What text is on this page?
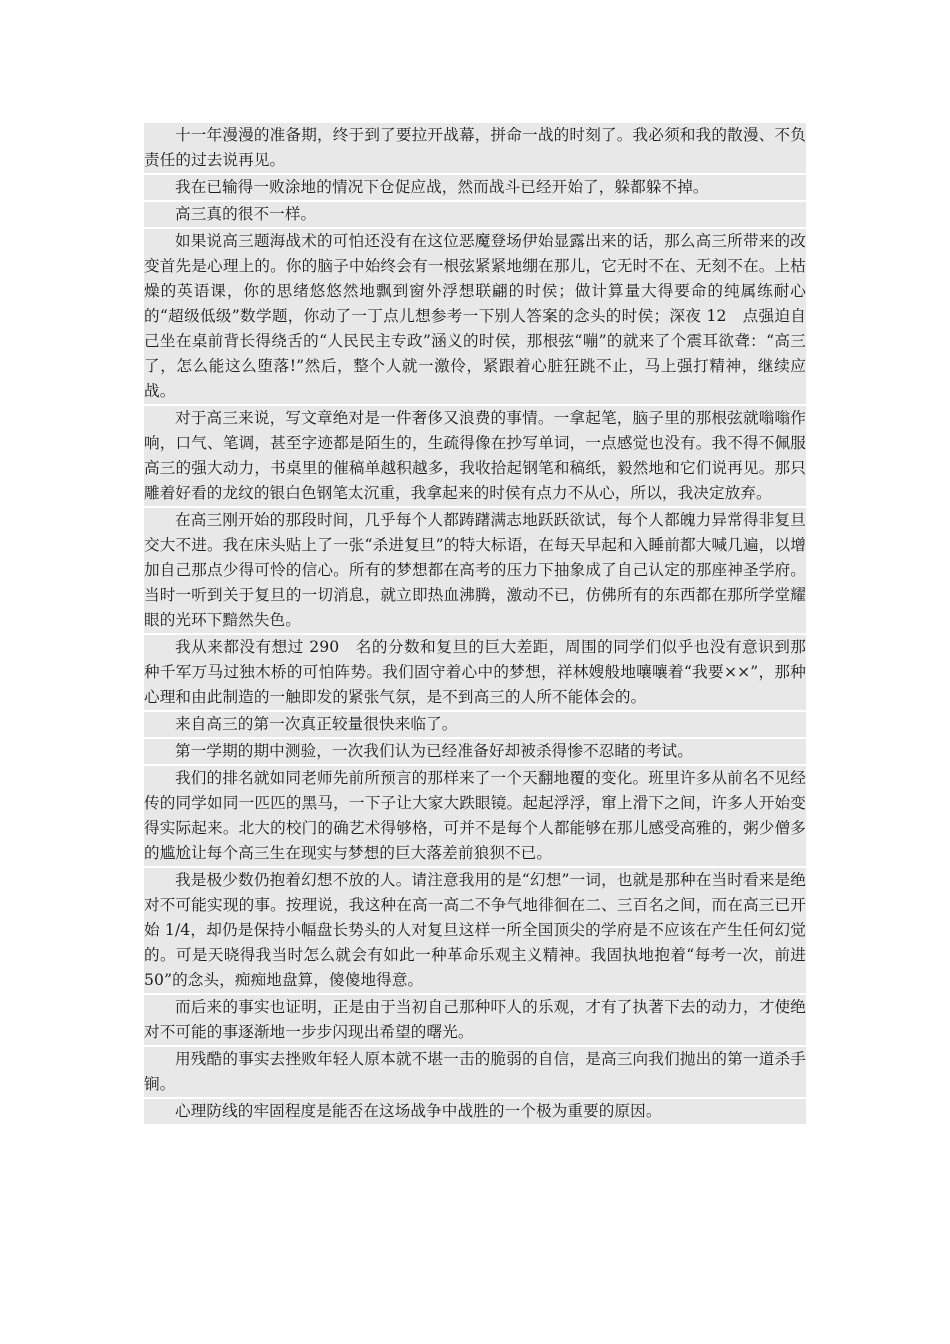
十一年漫漫的准备期，终于到了要拉开战幕，拼命一战的时刻了。我必须和我的散漫、不负责任的过去说再见。

我在已输得一败涂地的情况下仓促应战，然而战斗已经开始了，躲都躲不掉。

高三真的很不一样。

如果说高三题海战术的可怕还没有在这位恶魔登场伊始显露出来的话，那么高三所带来的改变首先是心理上的。你的脑子中始终会有一根弦紧紧地绷在那儿，它无时不在、无刻不在。上枯燥的英语课，你的思绪悠悠然地飘到窗外浮想联翩的时侯；做计算量大得要命的纯属练耐心的“超级低级”数学题，你动了一丁点儿想参考一下别人答案的念头的时侯；深夜 12　点强迫自己坐在桌前背长得绕舌的“人民民主专政”涵义的时侯，那根弦“嘣”的就来了个震耳欲聋：“高三了，怎么能这么堕落!”然后，整个人就一激伶，紧跟着心脏狂跳不止，马上强打精神，继续应战。

对于高三来说，写文章绝对是一件奢侈又浪费的事情。一拿起笔，脑子里的那根弦就嗡嗡作响，口气、笔调，甚至字迹都是陌生的，生疏得像在抄写单词，一点感觉也没有。我不得不佩服高三的强大动力，书桌里的催稿单越积越多，我收拾起钢笔和稿纸，毅然地和它们说再见。那只雕着好看的龙纹的银白色钢笔太沉重，我拿起来的时侯有点力不从心，所以，我决定放弃。

在高三刚开始的那段时间，几乎每个人都踌躇满志地跃跃欲试，每个人都魄力异常得非复旦交大不进。我在床头贴上了一张“杀进复旦”的特大标语，在每天早起和入睡前都大喊几遍，以增加自己那点少得可怜的信心。所有的梦想都在高考的压力下抽象成了自己认定的那座神圣学府。当时一听到关于复旦的一切消息，就立即热血沸腾，激动不已，仿佛所有的东西都在那所学堂耀眼的光环下黯然失色。

我从来都没有想过 290　名的分数和复旦的巨大差距，周围的同学们似乎也没有意识到那种千军万马过独木桥的可怕阵势。我们固守着心中的梦想，祥林嫂般地嚷嚷着“我要××”，那种心理和由此制造的一触即发的紧张气氛，是不到高三的人所不能体会的。

来自高三的第一次真正较量很快来临了。

第一学期的期中测验，一次我们认为已经准备好却被杀得惨不忍睹的考试。

我们的排名就如同老师先前所预言的那样来了一个天翻地覆的变化。班里许多从前名不见经传的同学如同一匹匹的黑马，一下子让大家大跌眼镜。起起浮浮，窜上滑下之间，许多人开始变得实际起来。北大的校门的确艺术得够格，可并不是每个人都能够在那儿感受高雅的，粥少僧多的尴尬让每个高三生在现实与梦想的巨大落差前狼狈不已。

我是极少数仍抱着幻想不放的人。请注意我用的是“幻想”一词，也就是那种在当时看来是绝对不可能实现的事。按理说，我这种在高一高二不争气地徘徊在二、三百名之间，而在高三已开始 1/4，却仍是保持小幅盘长势头的人对复旦这样一所全国顶尖的学府是不应该在产生任何幻觉的。可是天晓得我当时怎么就会有如此一种革命乐观主义精神。我固执地抱着“每考一次，前进 50”的念头，痴痴地盘算，傻傻地得意。

而后来的事实也证明，正是由于当初自己那种吓人的乐观，才有了执著下去的动力，才使绝对不可能的事逐渐地一步步闪现出希望的曙光。

用残酷的事实去挫败年轻人原本就不堪一击的脆弱的自信，是高三向我们抛出的第一道杀手锏。

心理防线的牢固程度是能否在这场战争中战胜的一个极为重要的原因。
